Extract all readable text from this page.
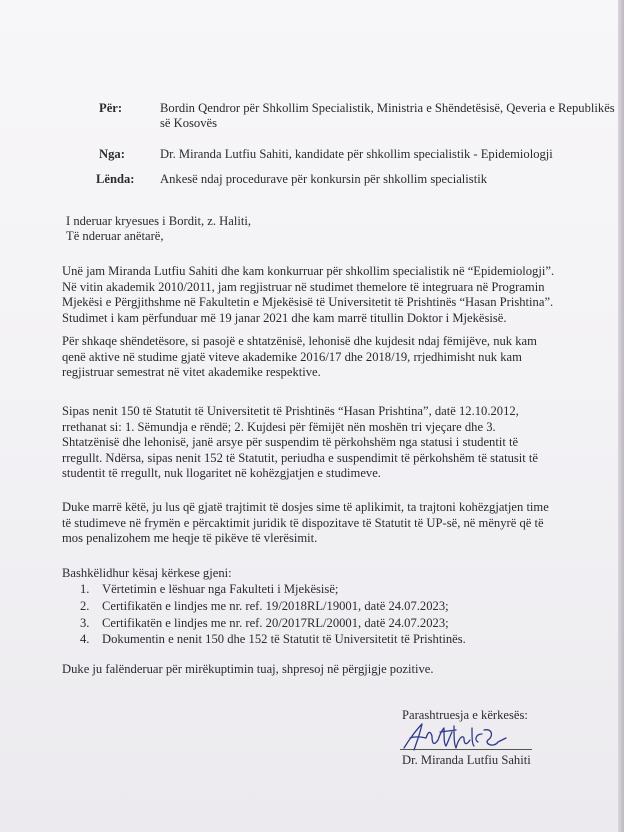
Për:	Bordin Qendror për Shkollim Specialistik, Ministria e Shëndetësisë, Qeveria e Republikës
së Kosovës
Nga:	Dr. Miranda Lutfiu Sahiti, kandidate për shkollim specialistik - Epidemiologji
Lënda: Ankesë ndaj procedurave për konkursin për shkollim specialistik
I nderuar kryesues i Bordit, z. Haliti,
Të nderuar anëtarë,
Unë jam Miranda Lutfiu Sahiti dhe kam konkurruar për shkollim specialistik në “Epidemiologji”.
Në vitin akademik 2010/2011, jam regjistruar në studimet themelore të integruara në Programin
Mjekësi e Përgjithshme në Fakultetin e Mjekësisë të Universitetit të Prishtinës “Hasan Prishtina”.
Studimet i kam përfunduar më 19 janar 2021 dhe kam marrë titullin Doktor i Mjekësisë.
Për shkaqe shëndetësore, si pasojë e shtatzënisë, lehonisë dhe kujdesit ndaj fëmijëve, nuk kam
qenë aktive në studime gjatë viteve akademike 2016/17 dhe 2018/19, rrjedhimisht nuk kam
regjistruar semestrat në vitet akademike respektive.
Sipas nenit 150 të Statutit të Universitetit të Prishtinës “Hasan Prishtina”, datë 12.10.2012,
rrethanat si: 1. Sëmundja e rëndë; 2. Kujdesi për fëmijët nën moshën tri vjeçare dhe 3.
Shtatzënisë dhe lehonisë, janë arsye për suspendim të përkohshëm nga statusi i studentit të
rregullt. Ndërsa, sipas nenit 152 të Statutit, periudha e suspendimit të përkohshëm të statusit të
studentit të rregullt, nuk llogaritet në kohëzgjatjen e studimeve.
Duke marrë këtë, ju lus që gjatë trajtimit të dosjes sime të aplikimit, ta trajtoni kohëzgjatjen time
të studimeve në frymën e përcaktimit juridik të dispozitave të Statutit të UP-së, në mënyrë që të
mos penalizohem me heqje të pikëve të vlerësimit.
Bashkëlidhur kësaj kërkese gjeni:
1. Vërtetimin e lëshuar nga Fakulteti i Mjekësisë;
2. Certifikatën e lindjes me nr. ref. 19/2018RL/19001, datë 24.07.2023;
3. Certifikatën e lindjes me nr. ref. 20/2017RL/20001, datë 24.07.2023;
4. Dokumentin e nenit 150 dhe 152 të Statutit të Universitetit të Prishtinës.
Duke ju falënderuar për mirëkuptimin tuaj, shpresoj në përgjigje pozitive.
Parashtruesja e kërkesës:
Dr. Miranda Lutfiu Sahiti
